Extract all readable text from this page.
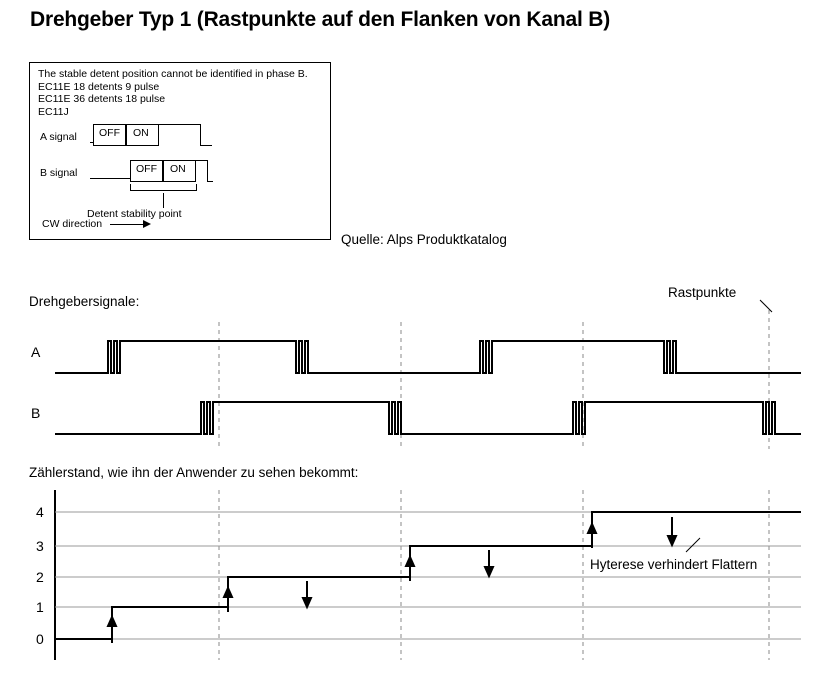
Drehgeber Typ 1 (Rastpunkte auf den Flanken von Kanal B)
The stable detent position cannot be identified in phase B.
EC11E 18 detents 9 pulse
EC11E 36 detents 18 pulse
EC11J
A signal
B signal
OFF ON
OFF ON
CW direction
Detent stability point
Quelle: Alps Produktkatalog
Drehgebersignale:
Rastpunkte
A
B
Zählerstand, wie ihn der Anwender zu sehen bekommt:
Hyterese verhindert Flattern
4
3
2
1
0
